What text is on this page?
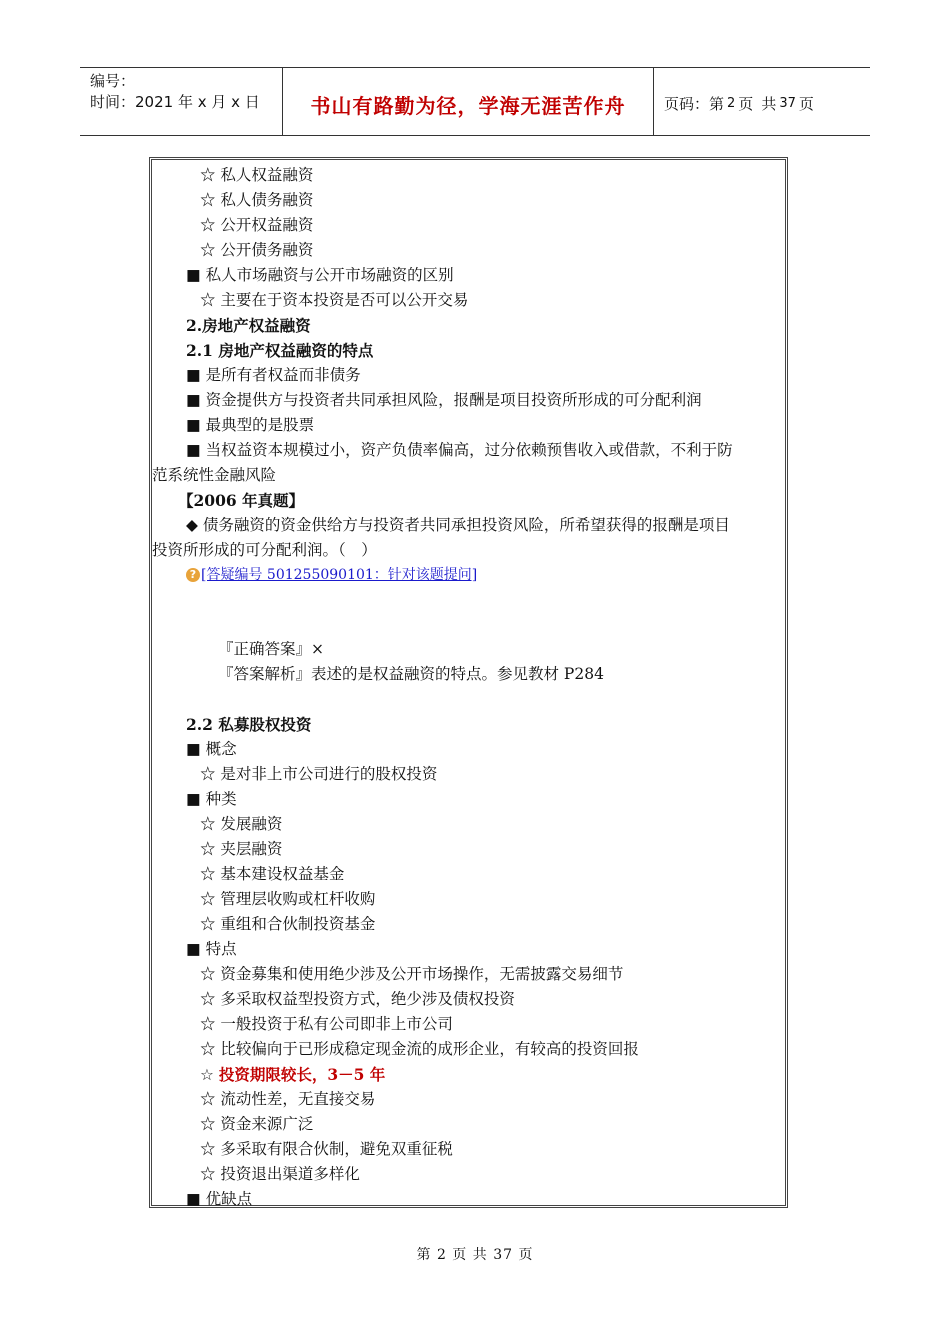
编号：
时间：2021 年 x 月 x 日	书山有路勤为径，学海无涯苦作舟	页码：第 2 页 共 37 页
☆ 私人权益融资
☆ 私人债务融资
☆ 公开权益融资
☆ 公开债务融资
■ 私人市场融资与公开市场融资的区别
☆ 主要在于资本投资是否可以公开交易
2.房地产权益融资
2.1 房地产权益融资的特点
■ 是所有者权益而非债务
■ 资金提供方与投资者共同承担风险，报酬是项目投资所形成的可分配利润
■ 最典型的是股票
■ 当权益资本规模过小，资产负债率偏高，过分依赖预售收入或借款，不利于防
范系统性金融风险
【2006 年真题】
◆ 债务融资的资金供给方与投资者共同承担投资风险，所希望获得的报酬是项目
投资所形成的可分配利润。（　）
? [答疑编号 501255090101：针对该题提问]
『正确答案』×
『答案解析』表述的是权益融资的特点。参见教材 P284
2.2 私募股权投资
■ 概念
☆ 是对非上市公司进行的股权投资
■ 种类
☆ 发展融资
☆ 夹层融资
☆ 基本建设权益基金
☆ 管理层收购或杠杆收购
☆ 重组和合伙制投资基金
■ 特点
☆ 资金募集和使用绝少涉及公开市场操作，无需披露交易细节
☆ 多采取权益型投资方式，绝少涉及债权投资
☆ 一般投资于私有公司即非上市公司
☆ 比较偏向于已形成稳定现金流的成形企业，有较高的投资回报
☆ 投资期限较长，3－5 年
☆ 流动性差，无直接交易
☆ 资金来源广泛
☆ 多采取有限合伙制，避免双重征税
☆ 投资退出渠道多样化
■ 优缺点
第 2 页 共 37 页
